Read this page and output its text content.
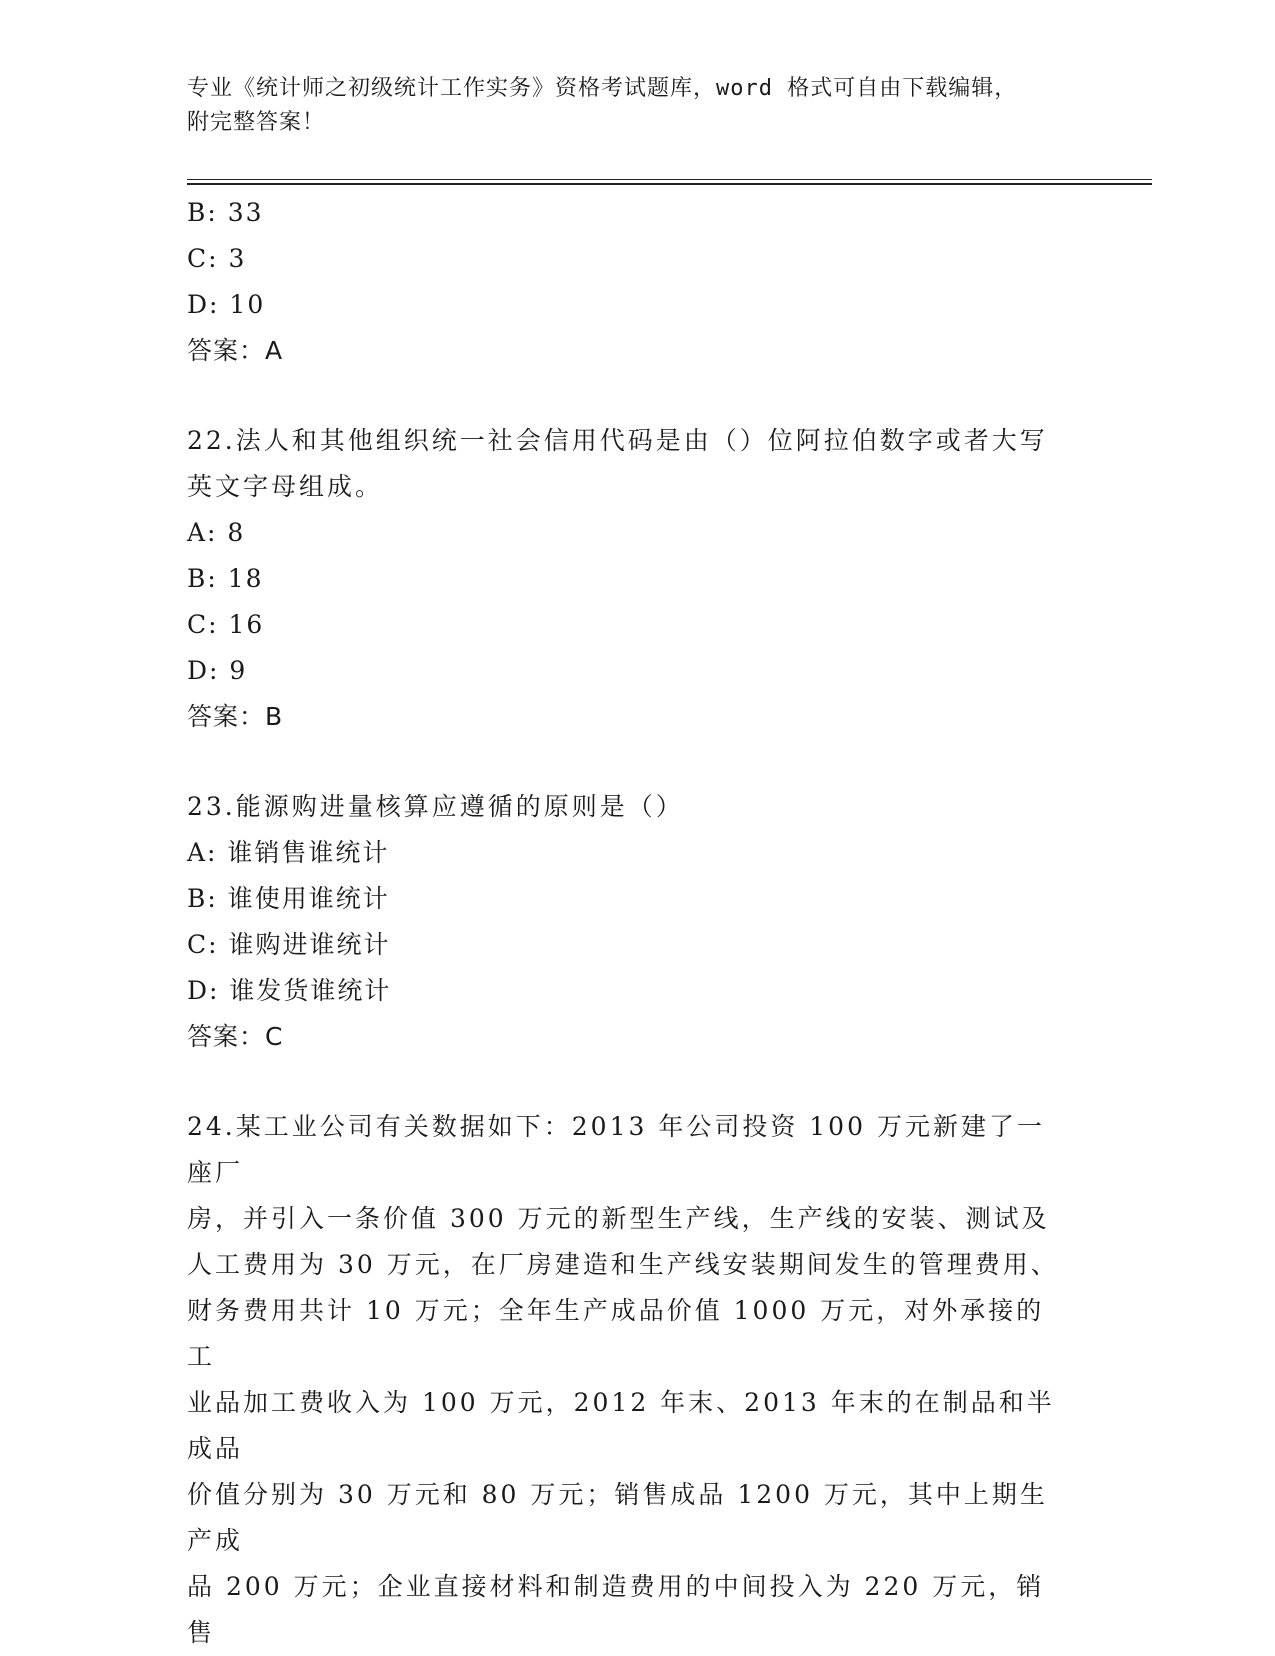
专业《统计师之初级统计工作实务》资格考试题库，word 格式可自由下载编辑，
附完整答案！
B: 33
C: 3
D: 10
答案：A
22.法人和其他组织统一社会信用代码是由（）位阿拉伯数字或者大写
英文字母组成。
A: 8
B: 18
C: 16
D: 9
答案：B
23.能源购进量核算应遵循的原则是（）
A: 谁销售谁统计
B: 谁使用谁统计
C: 谁购进谁统计
D: 谁发货谁统计
答案：C
24.某工业公司有关数据如下：2013 年公司投资 100 万元新建了一座厂
房，并引入一条价值 300 万元的新型生产线，生产线的安装、测试及
人工费用为 30 万元，在厂房建造和生产线安装期间发生的管理费用、
财务费用共计 10 万元；全年生产成品价值 1000 万元，对外承接的工
业品加工费收入为 100 万元，2012 年末、2013 年末的在制品和半成品
价值分别为 30 万元和 80 万元；销售成品 1200 万元，其中上期生产成
品 200 万元；企业直接材料和制造费用的中间投入为 220 万元，销售
